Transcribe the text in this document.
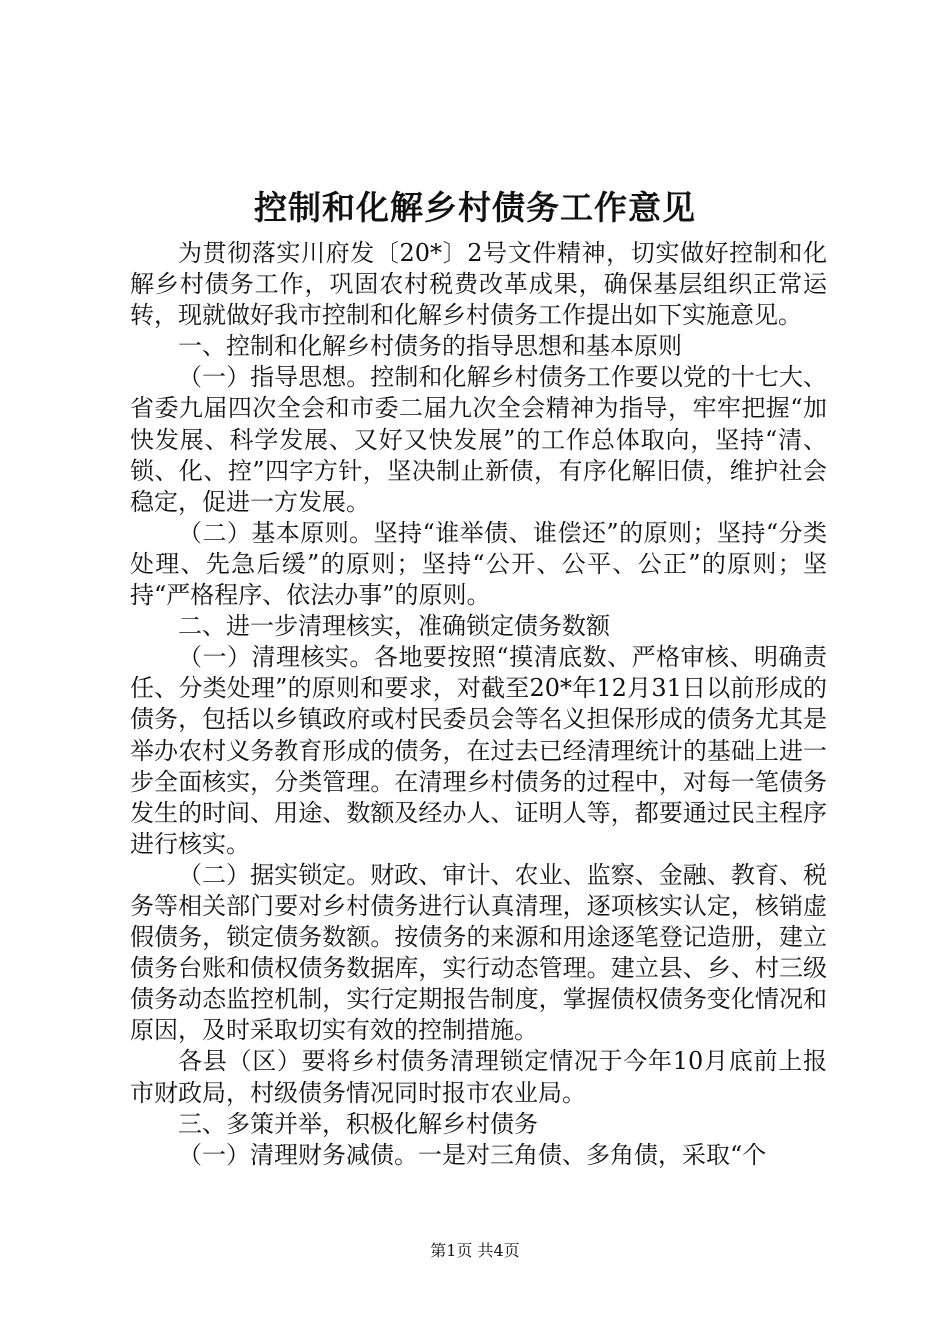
控制和化解乡村债务工作意见

为贯彻落实川府发〔20*〕2号文件精神，切实做好控制和化解乡村债务工作，巩固农村税费改革成果，确保基层组织正常运转，现就做好我市控制和化解乡村债务工作提出如下实施意见。

一、控制和化解乡村债务的指导思想和基本原则

（一）指导思想。控制和化解乡村债务工作要以党的十七大、省委九届四次全会和市委二届九次全会精神为指导，牢牢把握“加快发展、科学发展、又好又快发展”的工作总体取向，坚持“清、锁、化、控”四字方针，坚决制止新债，有序化解旧债，维护社会稳定，促进一方发展。

（二）基本原则。坚持“谁举债、谁偿还”的原则；坚持“分类处理、先急后缓”的原则；坚持“公开、公平、公正”的原则；坚持“严格程序、依法办事”的原则。

二、进一步清理核实，准确锁定债务数额

（一）清理核实。各地要按照“摸清底数、严格审核、明确责任、分类处理”的原则和要求，对截至20*年12月31日以前形成的债务，包括以乡镇政府或村民委员会等名义担保形成的债务尤其是举办农村义务教育形成的债务，在过去已经清理统计的基础上进一步全面核实，分类管理。在清理乡村债务的过程中，对每一笔债务发生的时间、用途、数额及经办人、证明人等，都要通过民主程序进行核实。

（二）据实锁定。财政、审计、农业、监察、金融、教育、税务等相关部门要对乡村债务进行认真清理，逐项核实认定，核销虚假债务，锁定债务数额。按债务的来源和用途逐笔登记造册，建立债务台账和债权债务数据库，实行动态管理。建立县、乡、村三级债务动态监控机制，实行定期报告制度，掌握债权债务变化情况和原因，及时采取切实有效的控制措施。

各县（区）要将乡村债务清理锁定情况于今年10月底前上报市财政局，村级债务情况同时报市农业局。

三、多策并举，积极化解乡村债务

（一）清理财务减债。一是对三角债、多角债，采取“个

第1页 共4页
